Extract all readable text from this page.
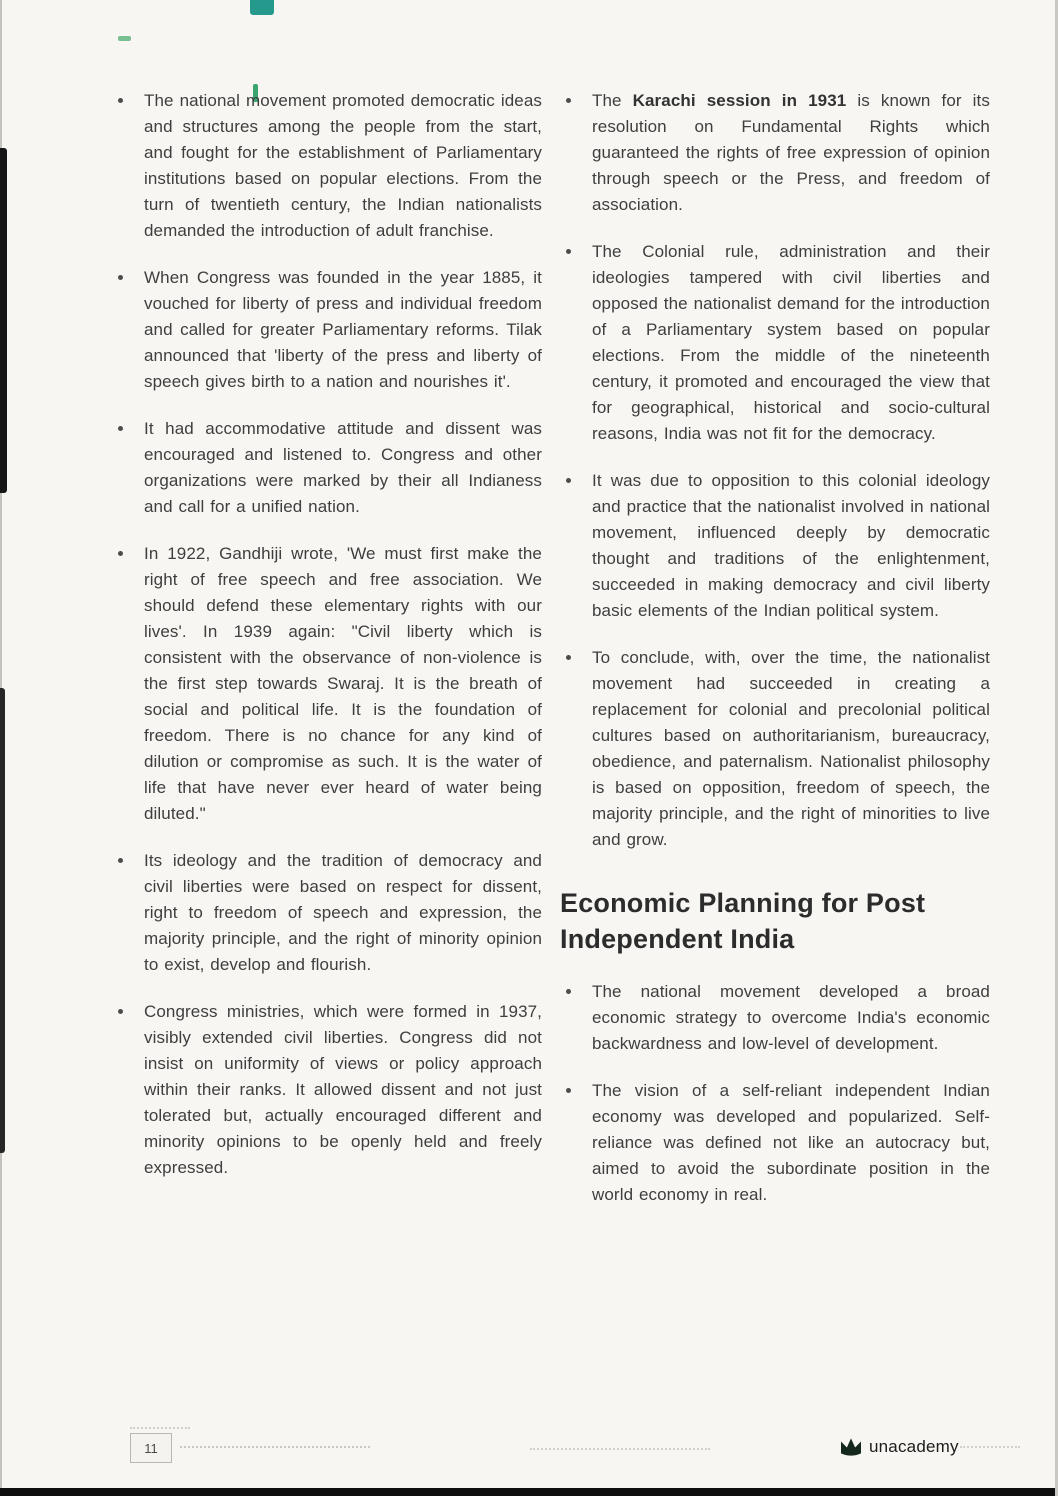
The national movement promoted democratic ideas and structures among the people from the start, and fought for the establishment of Parliamentary institutions based on popular elections. From the turn of twentieth century, the Indian nationalists demanded the introduction of adult franchise.

When Congress was founded in the year 1885, it vouched for liberty of press and individual freedom and called for greater Parliamentary reforms. Tilak announced that 'liberty of the press and liberty of speech gives birth to a nation and nourishes it'.

It had accommodative attitude and dissent was encouraged and listened to. Congress and other organizations were marked by their all Indianess and call for a unified nation.

In 1922, Gandhiji wrote, 'We must first make the right of free speech and free association. We should defend these elementary rights with our lives'. In 1939 again: "Civil liberty which is consistent with the observance of non-violence is the first step towards Swaraj. It is the breath of social and political life. It is the foundation of freedom. There is no chance for any kind of dilution or compromise as such. It is the water of life that have never ever heard of water being diluted."

Its ideology and the tradition of democracy and civil liberties were based on respect for dissent, right to freedom of speech and expression, the majority principle, and the right of minority opinion to exist, develop and flourish.

Congress ministries, which were formed in 1937, visibly extended civil liberties. Congress did not insist on uniformity of views or policy approach within their ranks. It allowed dissent and not just tolerated but, actually encouraged different and minority opinions to be openly held and freely expressed.

The Karachi session in 1931 is known for its resolution on Fundamental Rights which guaranteed the rights of free expression of opinion through speech or the Press, and freedom of association.

The Colonial rule, administration and their ideologies tampered with civil liberties and opposed the nationalist demand for the introduction of a Parliamentary system based on popular elections. From the middle of the nineteenth century, it promoted and encouraged the view that for geographical, historical and socio-cultural reasons, India was not fit for the democracy.

It was due to opposition to this colonial ideology and practice that the nationalist involved in national movement, influenced deeply by democratic thought and traditions of the enlightenment, succeeded in making democracy and civil liberty basic elements of the Indian political system.

To conclude, with, over the time, the nationalist movement had succeeded in creating a replacement for colonial and precolonial political cultures based on authoritarianism, bureaucracy, obedience, and paternalism. Nationalist philosophy is based on opposition, freedom of speech, the majority principle, and the right of minorities to live and grow.

Economic Planning for Post Independent India

The national movement developed a broad economic strategy to overcome India's economic backwardness and low-level of development.

The vision of a self-reliant independent Indian economy was developed and popularized. Self-reliance was defined not like an autocracy but, aimed to avoid the subordinate position in the world economy in real.

11	unacademy
